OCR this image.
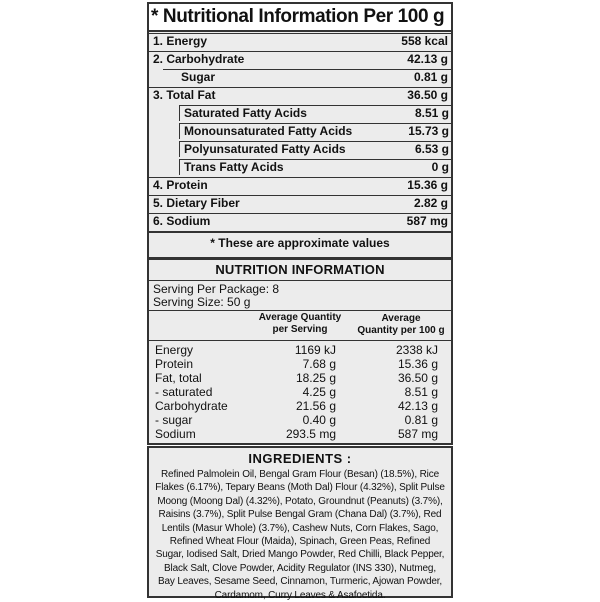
* Nutritional Information Per 100 g
1. Energy	558 kcal
2. Carbohydrate	42.13 g
Sugar	0.81 g
3. Total Fat	36.50 g
Saturated Fatty Acids	8.51 g
Monounsaturated Fatty Acids	15.73 g
Polyunsaturated Fatty Acids	6.53 g
Trans Fatty Acids	0 g
4. Protein	15.36 g
5. Dietary Fiber	2.82 g
6. Sodium	587 mg
* These are approximate values
NUTRITION INFORMATION
Serving Per Package: 8
Serving Size: 50 g
Average Quantity
per Serving
Average
Quantity per 100 g
Energy	1169 kJ	2338 kJ
Protein	7.68 g	15.36 g
Fat, total	18.25 g	36.50 g
- saturated	4.25 g	8.51 g
Carbohydrate	21.56 g	42.13 g
- sugar	0.40 g	0.81 g
Sodium	293.5 mg	587 mg
INGREDIENTS :
Refined Palmolein Oil, Bengal Gram Flour (Besan) (18.5%), Rice Flakes (6.17%), Tepary Beans (Moth Dal) Flour (4.32%), Split Pulse Moong (Moong Dal) (4.32%), Potato, Groundnut (Peanuts) (3.7%), Raisins (3.7%), Split Pulse Bengal Gram (Chana Dal) (3.7%), Red Lentils (Masur Whole) (3.7%), Cashew Nuts, Corn Flakes, Sago, Refined Wheat Flour (Maida), Spinach, Green Peas, Refined Sugar, Iodised Salt, Dried Mango Powder, Red Chilli, Black Pepper, Black Salt, Clove Powder, Acidity Regulator (INS 330), Nutmeg, Bay Leaves, Sesame Seed, Cinnamon, Turmeric, Ajowan Powder, Cardamom, Curry Leaves & Asafoetida.
